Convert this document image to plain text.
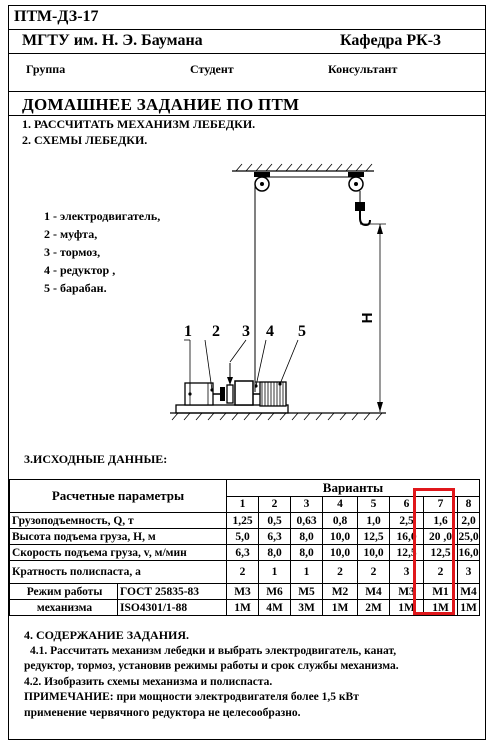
ПТМ-ДЗ-17
МГТУ им. Н. Э. Баумана	Кафедра РК-3
Группа	Студент	Консультант
ДОМАШНЕЕ ЗАДАНИЕ ПО ПТМ
1. РАССЧИТАТЬ МЕХАНИЗМ ЛЕБЕДКИ.
2. СХЕМЫ ЛЕБЕДКИ.

1 - электродвигатель,

2 - муфта,

3 - тормоз,

4 - редуктор ,

5 - барабан.

1 2 3 4 5
Н
3.ИСХОДНЫЕ ДАННЫЕ:
Расчетные параметры		Варианты							
		1	2	3	4	5	6	7	8
Грузоподъемность, Q, т		1,25	0,5	0,63	0,8	1,0	2,5	1,6	2,0
Высота подъема груза, Н, м		5,0	6,3	8,0	10,0	12,5	16,0	20 ,0	25,0
Скорость подъема груза, v, м/мин		6,3	8,0	8,0	10,0	10,0	12,5	12,5	16,0
Кратность полиспаста, а		2	1	1	2	2	3	2	3
Режим работы	ГОСТ 25835-83	М3	М6	М5	М2	М4	М3	М1	М4
механизма	ISO4301/1-88	1М	4М	3М	1М	2М	1М	1М	1М

4. СОДЕРЖАНИЕ ЗАДАНИЯ.

4.1. Рассчитать механизм лебедки и выбрать электродвигатель, канат,

редуктор, тормоз, установив режимы работы и срок службы механизма.

4.2. Изобразить схемы механизма и полиспаста.

ПРИМЕЧАНИЕ: при мощности электродвигателя более 1,5 кВт

применение червячного редуктора не целесообразно.
